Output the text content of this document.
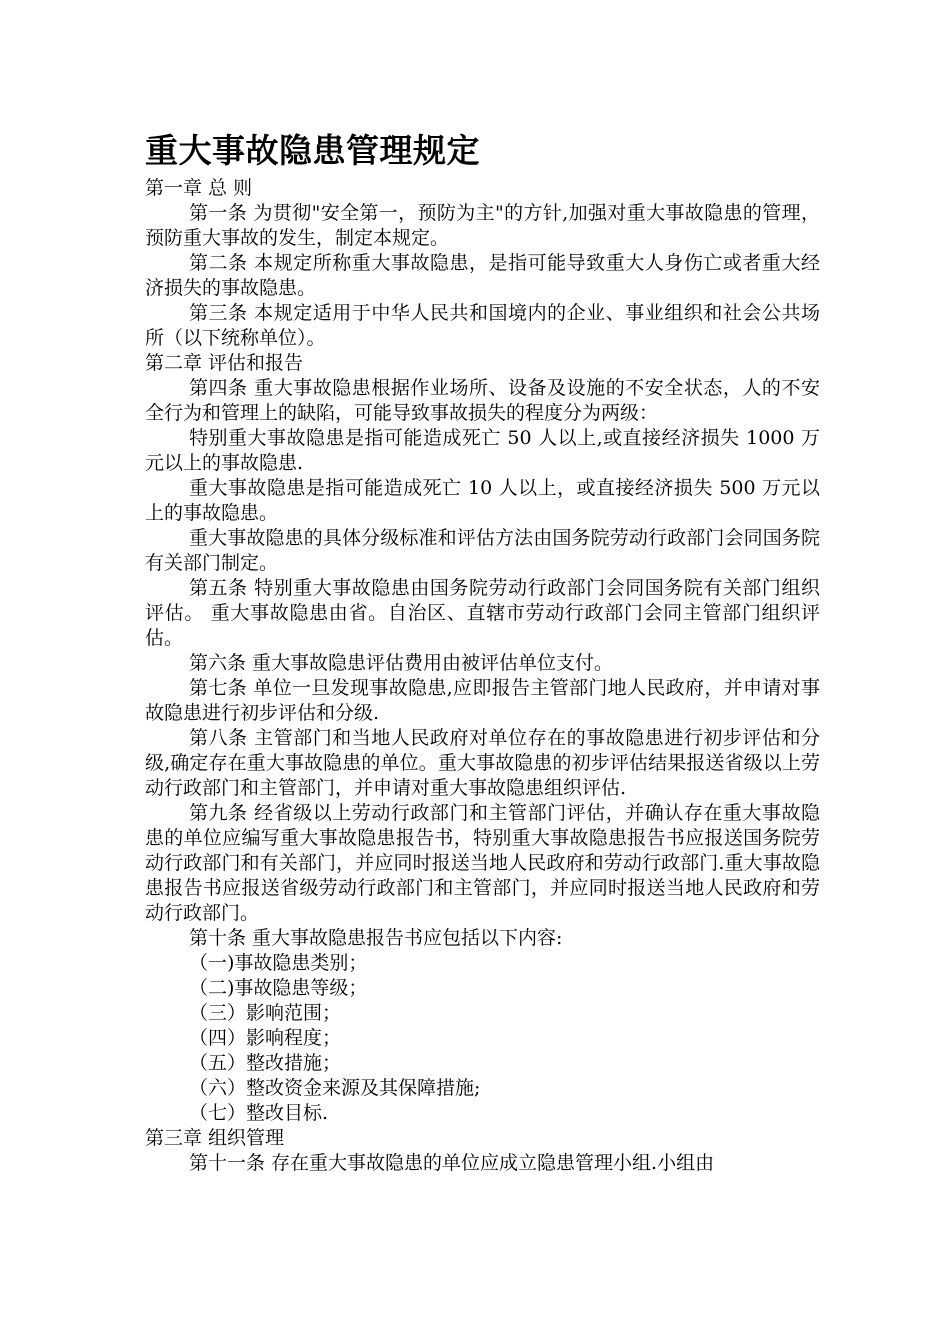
重大事故隐患管理规定

第一章 总 则

第一条 为贯彻"安全第一，预防为主"的方针,加强对重大事故隐患的管理，预防重大事故的发生，制定本规定。

第二条 本规定所称重大事故隐患，是指可能导致重大人身伤亡或者重大经济损失的事故隐患。

第三条 本规定适用于中华人民共和国境内的企业、事业组织和社会公共场所（以下统称单位）。

第二章 评估和报告

第四条 重大事故隐患根据作业场所、设备及设施的不安全状态，人的不安全行为和管理上的缺陷，可能导致事故损失的程度分为两级：

特别重大事故隐患是指可能造成死亡 50 人以上,或直接经济损失 1000 万元以上的事故隐患.

重大事故隐患是指可能造成死亡 10 人以上，或直接经济损失 500 万元以上的事故隐患。

重大事故隐患的具体分级标准和评估方法由国务院劳动行政部门会同国务院有关部门制定。

第五条 特别重大事故隐患由国务院劳动行政部门会同国务院有关部门组织评估。 重大事故隐患由省。自治区、直辖市劳动行政部门会同主管部门组织评估。

第六条 重大事故隐患评估费用由被评估单位支付。

第七条 单位一旦发现事故隐患,应即报告主管部门地人民政府，并申请对事故隐患进行初步评估和分级.

第八条 主管部门和当地人民政府对单位存在的事故隐患进行初步评估和分级,确定存在重大事故隐患的单位。重大事故隐患的初步评估结果报送省级以上劳动行政部门和主管部门，并申请对重大事故隐患组织评估.

第九条 经省级以上劳动行政部门和主管部门评估，并确认存在重大事故隐患的单位应编写重大事故隐患报告书，特别重大事故隐患报告书应报送国务院劳动行政部门和有关部门，并应同时报送当地人民政府和劳动行政部门.重大事故隐患报告书应报送省级劳动行政部门和主管部门，并应同时报送当地人民政府和劳动行政部门。

第十条 重大事故隐患报告书应包括以下内容:

（一)事故隐患类别；

（二)事故隐患等级；

（三）影响范围；

（四）影响程度；

（五）整改措施；

（六）整改资金来源及其保障措施;

（七）整改目标.

第三章 组织管理

第十一条 存在重大事故隐患的单位应成立隐患管理小组.小组由
